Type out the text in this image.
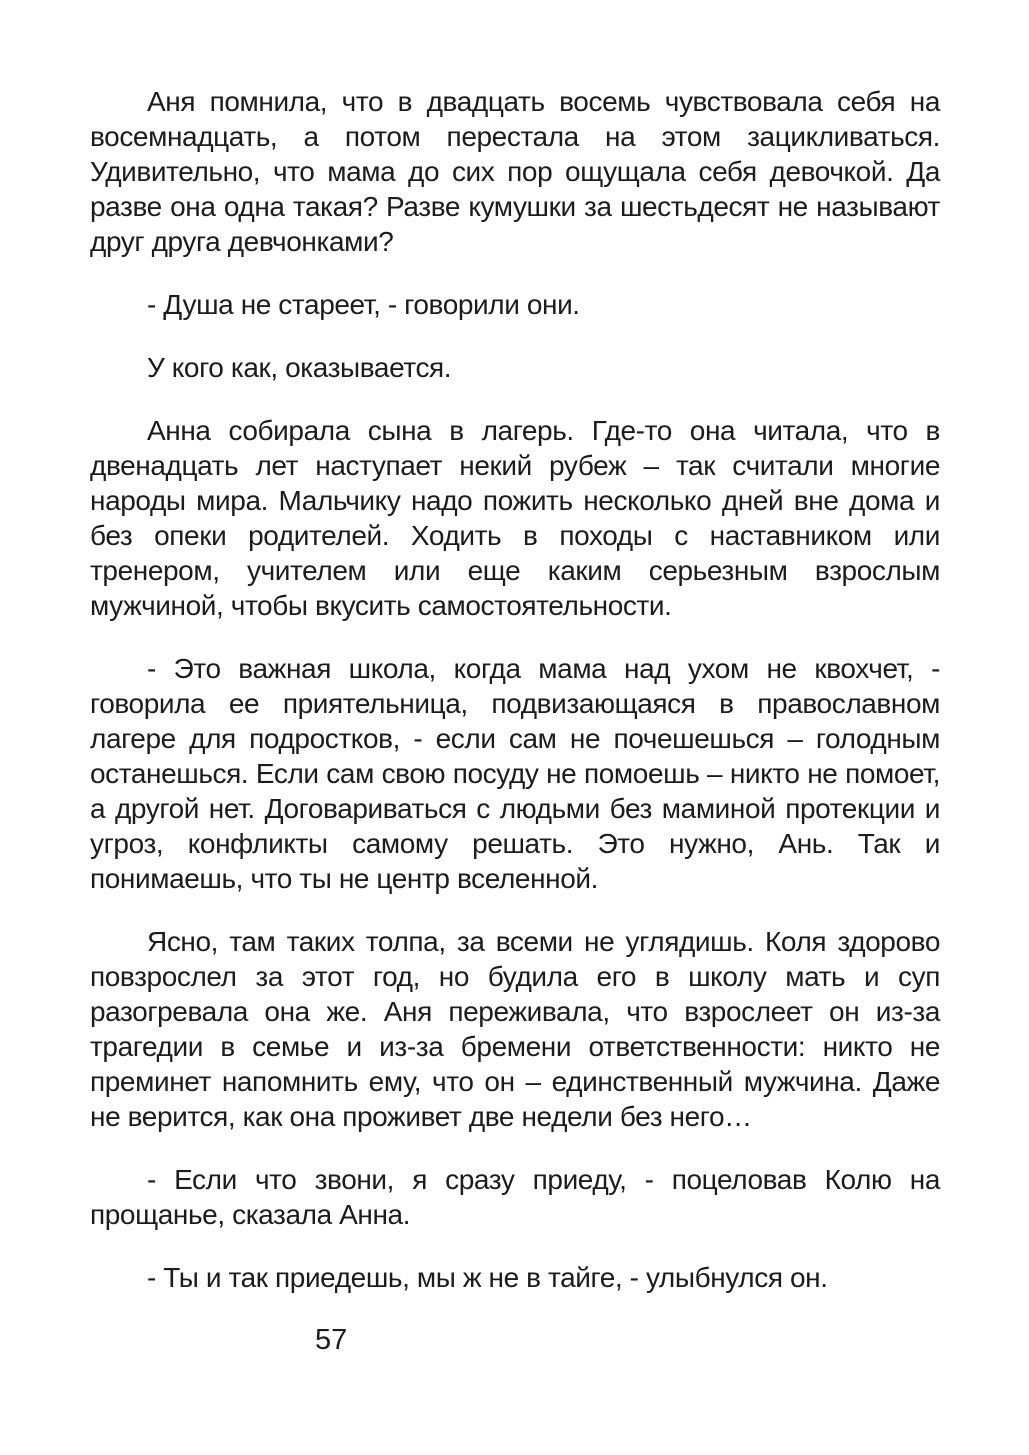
Аня помнила, что в двадцать восемь чувствовала себя на восемнадцать, а потом перестала на этом зацикливаться. Удивительно, что мама до сих пор ощущала себя девочкой. Да разве она одна такая? Разве кумушки за шестьдесят не называют друг друга девчонками?

- Душа не стареет, - говорили они.

У кого как, оказывается.

Анна собирала сына в лагерь. Где-то она читала, что в двенадцать лет наступает некий рубеж – так считали многие народы мира. Мальчику надо пожить несколько дней вне дома и без опеки родителей. Ходить в походы с наставником или тренером, учителем или еще каким серьезным взрослым мужчиной, чтобы вкусить самостоятельности.

- Это важная школа, когда мама над ухом не квохчет, - говорила ее приятельница, подвизающаяся в православном лагере для подростков, - если сам не почешешься – голодным останешься. Если сам свою посуду не помоешь – никто не помоет, а другой нет. Договариваться с людьми без маминой протекции и угроз, конфликты самому решать. Это нужно, Ань. Так и понимаешь, что ты не центр вселенной.

Ясно, там таких толпа, за всеми не углядишь. Коля здорово повзрослел за этот год, но будила его в школу мать и суп разогревала она же. Аня переживала, что взрослеет он из-за трагедии в семье и из-за бремени ответственности: никто не преминет напомнить ему, что он – единственный мужчина. Даже не верится, как она проживет две недели без него…

- Если что звони, я сразу приеду, - поцеловав Колю на прощанье, сказала Анна.

- Ты и так приедешь, мы ж не в тайге, - улыбнулся он.

57
